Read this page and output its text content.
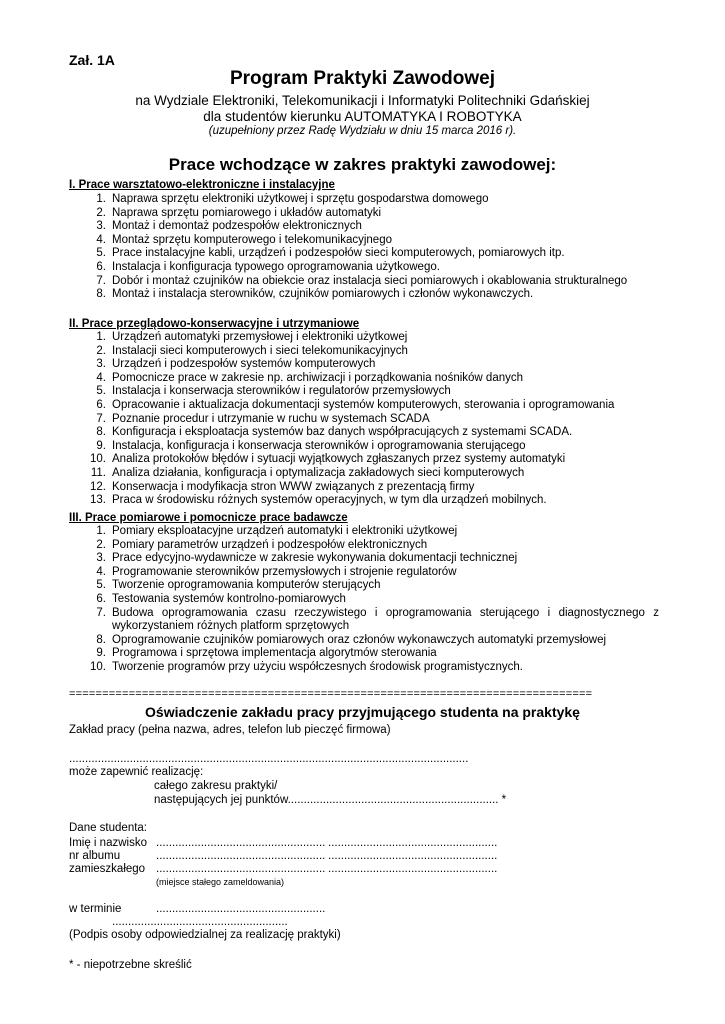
Zał. 1A
Program Praktyki Zawodowej
na Wydziale Elektroniki, Telekomunikacji i Informatyki Politechniki Gdańskiej
dla studentów kierunku AUTOMATYKA I ROBOTYKA
(uzupełniony przez Radę Wydziału w dniu 15 marca 2016 r).
Prace wchodzące w zakres praktyki zawodowej:
I. Prace warsztatowo-elektroniczne i instalacyjne
1. Naprawa sprzętu elektroniki użytkowej i sprzętu gospodarstwa domowego
2. Naprawa sprzętu pomiarowego i układów automatyki
3. Montaż i demontaż podzespołów elektronicznych
4. Montaż sprzętu komputerowego i telekomunikacyjnego
5. Prace instalacyjne kabli, urządzeń i podzespołów sieci komputerowych, pomiarowych itp.
6. Instalacja i konfiguracja typowego oprogramowania użytkowego.
7. Dobór i montaż czujników na obiekcie oraz instalacja sieci pomiarowych i okablowania strukturalnego
8. Montaż i instalacja sterowników, czujników pomiarowych i członów wykonawczych.
II. Prace przeglądowo-konserwacyjne i utrzymaniowe
1. Urządzeń automatyki przemysłowej i elektroniki użytkowej
2. Instalacji sieci komputerowych i sieci telekomunikacyjnych
3. Urządzeń i podzespołów systemów komputerowych
4. Pomocnicze prace w zakresie np. archiwizacji i porządkowania nośników danych
5. Instalacja i konserwacja sterowników i regulatorów przemysłowych
6. Opracowanie i aktualizacja dokumentacji systemów komputerowych, sterowania i oprogramowania
7. Poznanie procedur i utrzymanie w ruchu w systemach SCADA
8. Konfiguracja i eksploatacja systemów baz danych współpracujących z systemami SCADA.
9. Instalacja, konfiguracja i konserwacja sterowników i oprogramowania sterującego
10. Analiza protokołów błędów i sytuacji wyjątkowych zgłaszanych przez systemy automatyki
11. Analiza działania, konfiguracja i optymalizacja zakładowych sieci komputerowych
12. Konserwacja i modyfikacja stron WWW związanych z prezentacją firmy
13. Praca w środowisku różnych systemów operacyjnych, w tym dla urządzeń mobilnych.
III. Prace pomiarowe i pomocnicze prace badawcze
1. Pomiary eksploatacyjne urządzeń automatyki i elektroniki użytkowej
2. Pomiary parametrów urządzeń i podzespołów elektronicznych
3. Prace edycyjno-wydawnicze w zakresie wykonywania dokumentacji technicznej
4. Programowanie sterowników przemysłowych i strojenie regulatorów
5. Tworzenie oprogramowania komputerów sterujących
6. Testowania systemów kontrolno-pomiarowych
7. Budowa oprogramowania czasu rzeczywistego i oprogramowania sterującego i diagnostycznego z wykorzystaniem różnych platform sprzętowych
8. Oprogramowanie czujników pomiarowych oraz członów wykonawczych automatyki przemysłowej
9. Programowa i sprzętowa implementacja algorytmów sterowania
10. Tworzenie programów przy użyciu współczesnych środowisk programistycznych.
===============================================================================
Oświadczenie zakładu pracy przyjmującego studenta na praktykę
Zakład pracy (pełna nazwa, adres, telefon lub pieczęć firmowa)
.............................................................................................................................
może zapewnić realizację:
całego zakresu praktyki/
następujących jej punktów.................................................................. *
Dane studenta:
Imię i nazwisko ..................................................... .....................................................
nr albumu	..................................................... .....................................................
zamieszkałego ..................................................... .....................................................
(miejsce stałego zameldowania)
w terminie	.....................................................
.......................................................
(Podpis osoby odpowiedzialnej za realizację praktyki)
* - niepotrzebne skreślić
